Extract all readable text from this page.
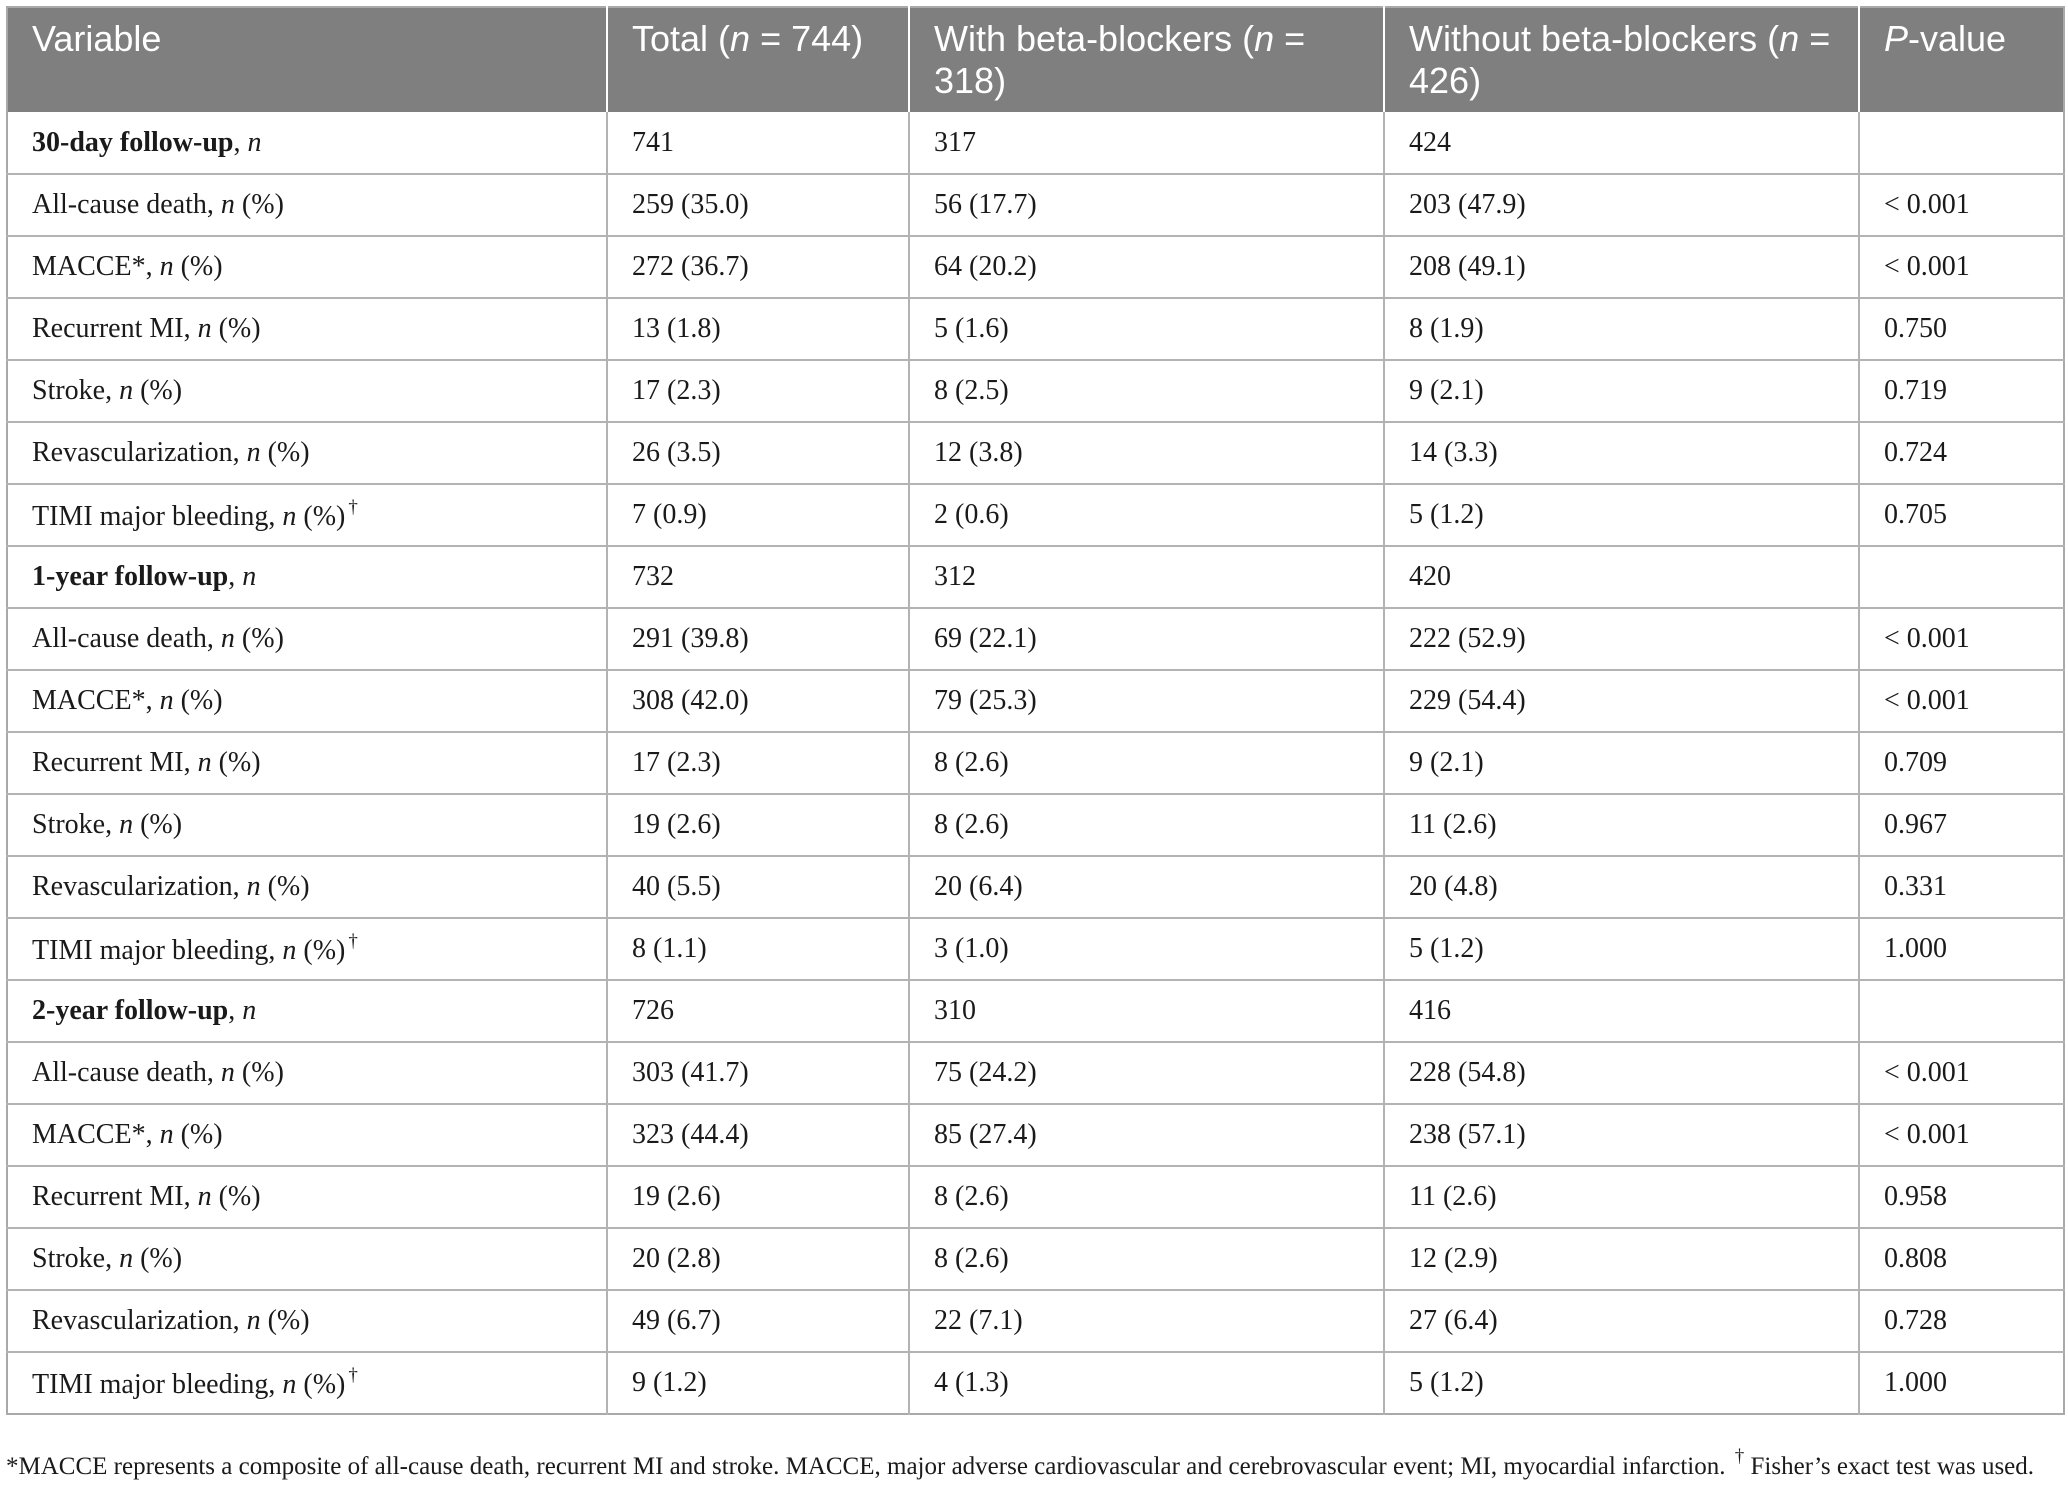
Variable	Total (n = 744)	With beta-blockers (n = 318)	Without beta-blockers (n = 426)	P-value
30-day follow-up, n	741	317	424	
All-cause death, n (%)	259 (35.0)	56 (17.7)	203 (47.9)	< 0.001
MACCE*, n (%)	272 (36.7)	64 (20.2)	208 (49.1)	< 0.001
Recurrent MI, n (%)	13 (1.8)	5 (1.6)	8 (1.9)	0.750
Stroke, n (%)	17 (2.3)	8 (2.5)	9 (2.1)	0.719
Revascularization, n (%)	26 (3.5)	12 (3.8)	14 (3.3)	0.724
TIMI major bleeding, n (%) †	7 (0.9)	2 (0.6)	5 (1.2)	0.705
1-year follow-up, n	732	312	420	
All-cause death, n (%)	291 (39.8)	69 (22.1)	222 (52.9)	< 0.001
MACCE*, n (%)	308 (42.0)	79 (25.3)	229 (54.4)	< 0.001
Recurrent MI, n (%)	17 (2.3)	8 (2.6)	9 (2.1)	0.709
Stroke, n (%)	19 (2.6)	8 (2.6)	11 (2.6)	0.967
Revascularization, n (%)	40 (5.5)	20 (6.4)	20 (4.8)	0.331
TIMI major bleeding, n (%) †	8 (1.1)	3 (1.0)	5 (1.2)	1.000
2-year follow-up, n	726	310	416	
All-cause death, n (%)	303 (41.7)	75 (24.2)	228 (54.8)	< 0.001
MACCE*, n (%)	323 (44.4)	85 (27.4)	238 (57.1)	< 0.001
Recurrent MI, n (%)	19 (2.6)	8 (2.6)	11 (2.6)	0.958
Stroke, n (%)	20 (2.8)	8 (2.6)	12 (2.9)	0.808
Revascularization, n (%)	49 (6.7)	22 (7.1)	27 (6.4)	0.728
TIMI major bleeding, n (%) †	9 (1.2)	4 (1.3)	5 (1.2)	1.000
*MACCE represents a composite of all-cause death, recurrent MI and stroke. MACCE, major adverse cardiovascular and cerebrovascular event; MI, myocardial infarction. † Fisher’s exact test was used.
